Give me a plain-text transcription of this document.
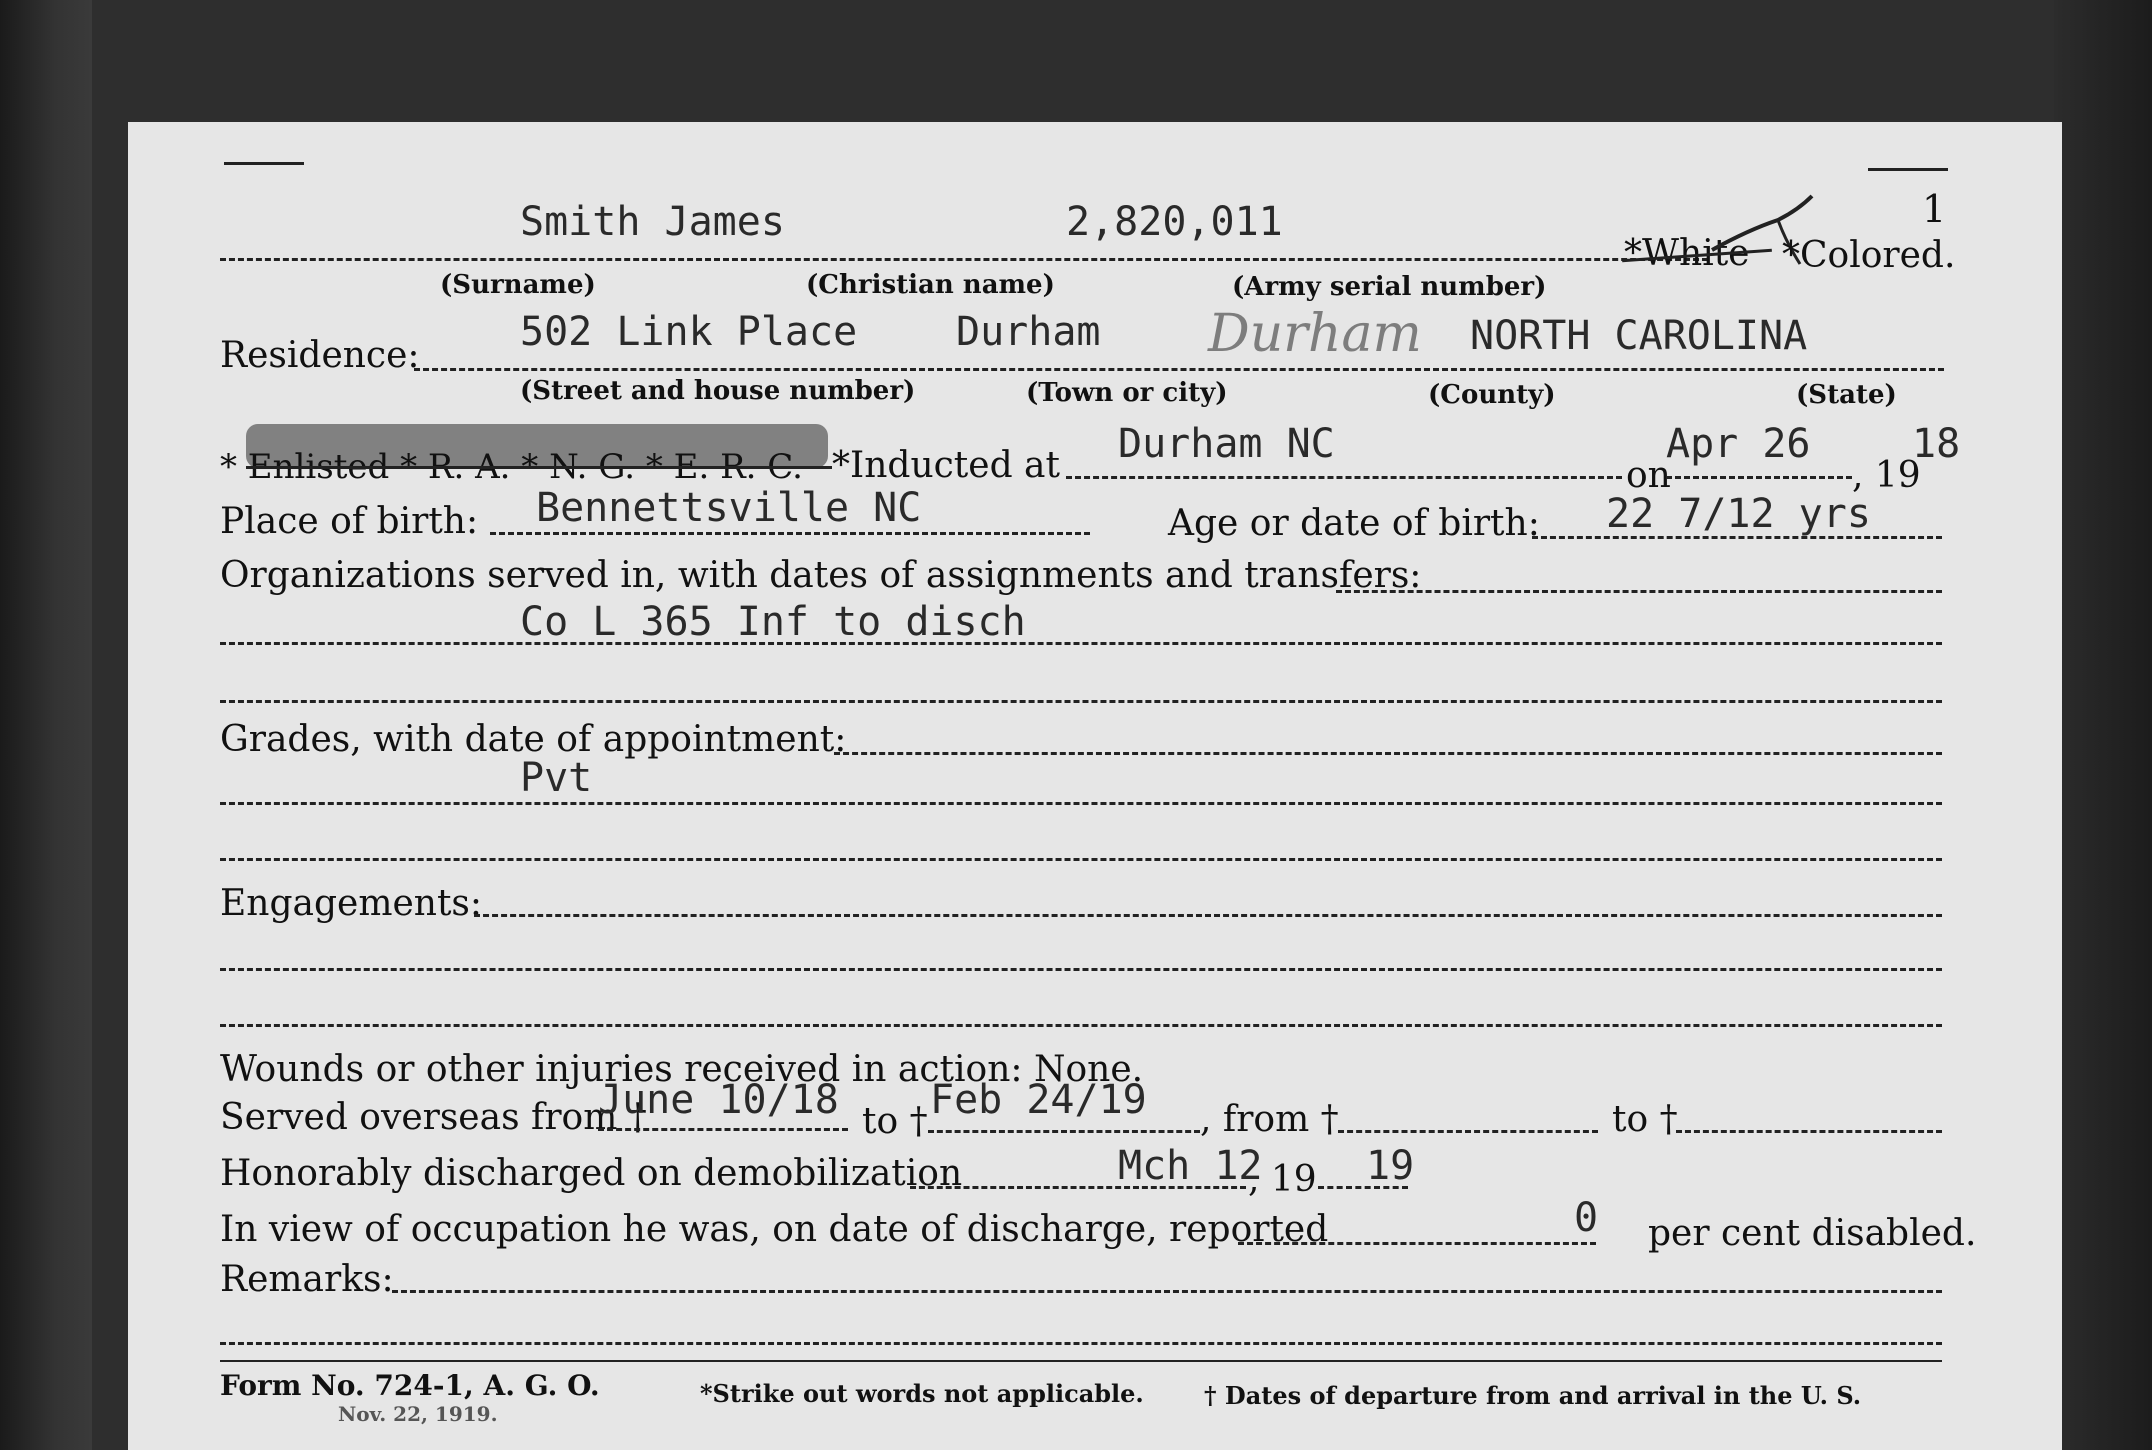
1
Smith James	2,820,011
*White *Colored.
(Surname)	(Christian name)	(Army serial number)
Residence:
502 Link Place Durham Durham NORTH CAROLINA
(Street and house number)	(Town or city)	(County)	(State)
* Enlisted * R. A. * N. G. * E. R. C. *Inducted at Durham NC
on
Apr 26
, 19
18
Place of birth: Bennettsville NC	Age or date of birth: 22 7/12 yrs
Organizations served in, with dates of assignments and transfers:
Co L 365 Inf to disch
Grades, with date of appointment:
Pvt
Engagements:
Wounds or other injuries received in action: None.
Served overseas from †
June 10/18 to † Feb 24/19 , from †	to †
Honorably discharged on demobilization	Mch 12
, 19 19
In view of occupation he was, on date of discharge, reported	0 per cent disabled.
Remarks:
Form No. 724-1, A. G. O.
Nov. 22, 1919.
*Strike out words not applicable.	† Dates of departure from and arrival in the U. S.
